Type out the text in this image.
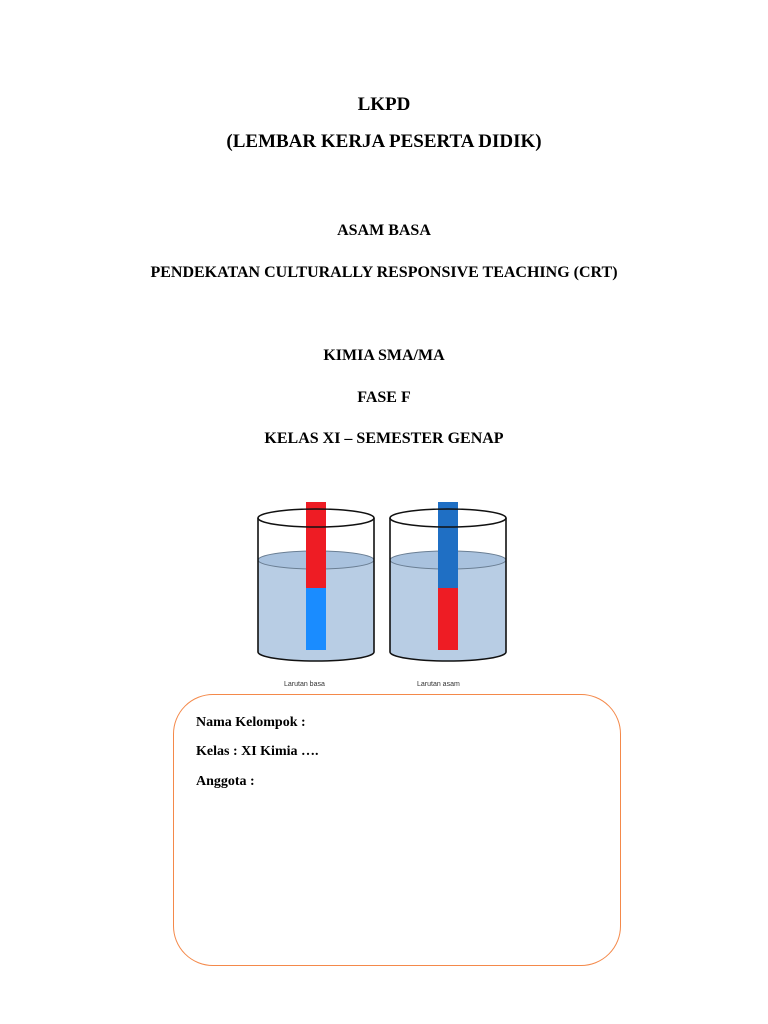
LKPD
(LEMBAR KERJA PESERTA DIDIK)
ASAM BASA
PENDEKATAN CULTURALLY RESPONSIVE TEACHING (CRT)
KIMIA SMA/MA
FASE F
KELAS XI – SEMESTER GENAP
Larutan basa	Larutan asam
Nama Kelompok :
Kelas : XI Kimia ….
Anggota :
